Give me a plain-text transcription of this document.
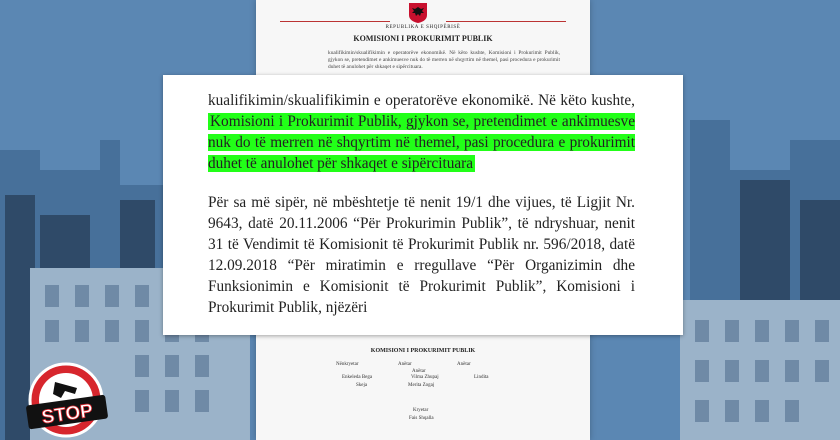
REPUBLIKA E SHQIPËRISË
KOMISIONI I PROKURIMIT PUBLIK
kualifikimin/skualifikimin e operatorëve ekonomikë. Në këto kushte, Komisioni i Prokurimit Publik, gjykon se, pretendimet e ankimuesve nuk do të merren në shqyrtim në themel, pasi procedura e prokurimit duhet të anulohet për shkaqet e sipërcituara.

kualifikimin/skualifikimin e operatorëve ekonomikë. Në këto kushte, Komisioni i Prokurimit Publik, gjykon se, pretendimet e ankimuesve nuk do të merren në shqyrtim në themel, pasi procedura e prokurimit duhet të anulohet për shkaqet e sipërcituara

Për sa më sipër, në mbështetje të nenit 19/1 dhe vijues, të Ligjit Nr. 9643, datë 20.11.2006 “Për Prokurimin Publik”, të ndryshuar, nenit 31 të Vendimit të Komisionit të Prokurimit Publik nr. 596/2018, datë 12.09.2018 “Për miratimin e rregullave “Për Organizimin dhe Funksionimin e Komisionit të Prokurimit Publik”, Komisioni i Prokurimit Publik, njëzëri

KOMISIONI I PROKURIMIT PUBLIK
Nënkryetar	Anëtar	Anëtar
Anëtar
Enkeleda Bega	Vilma Zhupaj	Lindita
Skeja	Merita Zogaj
Kryetar
Fais Shqalla
STOP
